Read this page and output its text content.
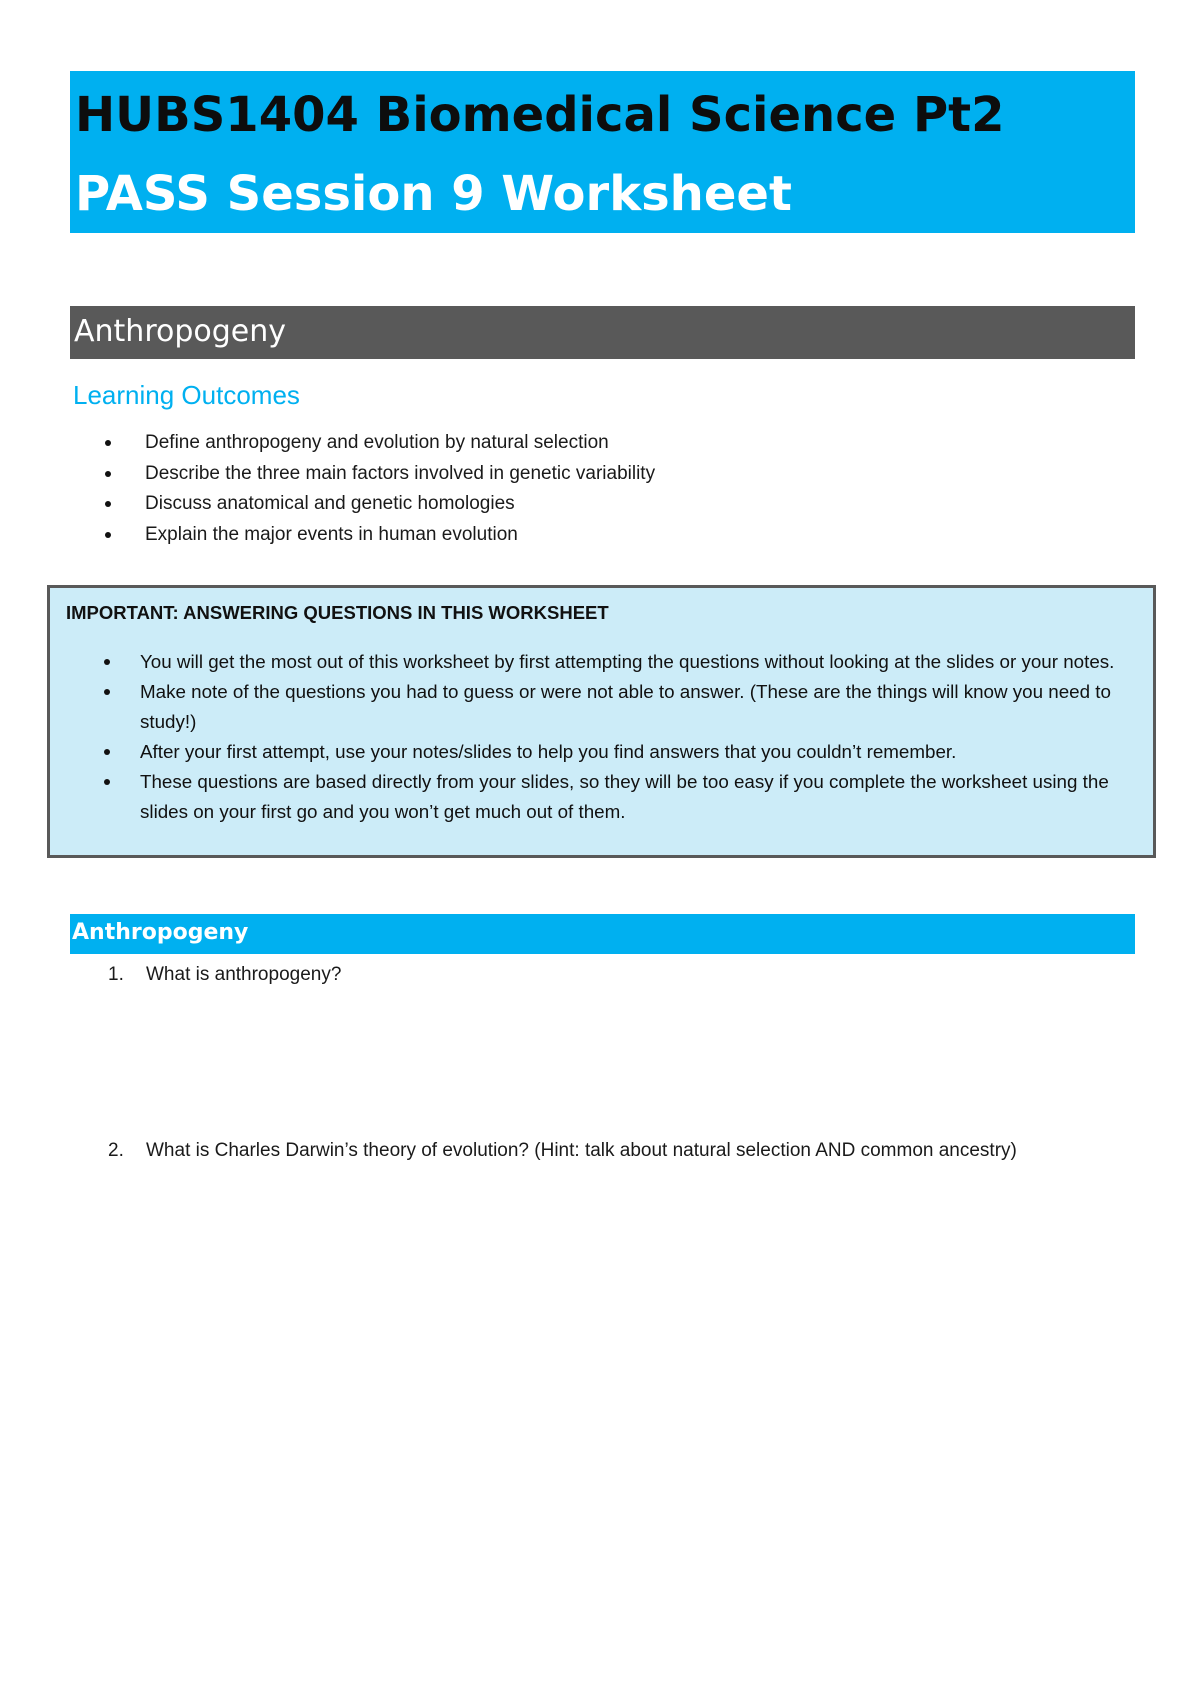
HUBS1404 Biomedical Science Pt2
PASS Session 9 Worksheet
Anthropogeny
Learning Outcomes
Define anthropogeny and evolution by natural selection
Describe the three main factors involved in genetic variability
Discuss anatomical and genetic homologies
Explain the major events in human evolution
IMPORTANT: ANSWERING QUESTIONS IN THIS WORKSHEET
You will get the most out of this worksheet by first attempting the questions without looking at the slides or your notes.
Make note of the questions you had to guess or were not able to answer. (These are the things will know you need to study!)
After your first attempt, use your notes/slides to help you find answers that you couldn’t remember.
These questions are based directly from your slides, so they will be too easy if you complete the worksheet using the slides on your first go and you won’t get much out of them.
Anthropogeny
1. What is anthropogeny?
2. What is Charles Darwin’s theory of evolution? (Hint: talk about natural selection AND common ancestry)
